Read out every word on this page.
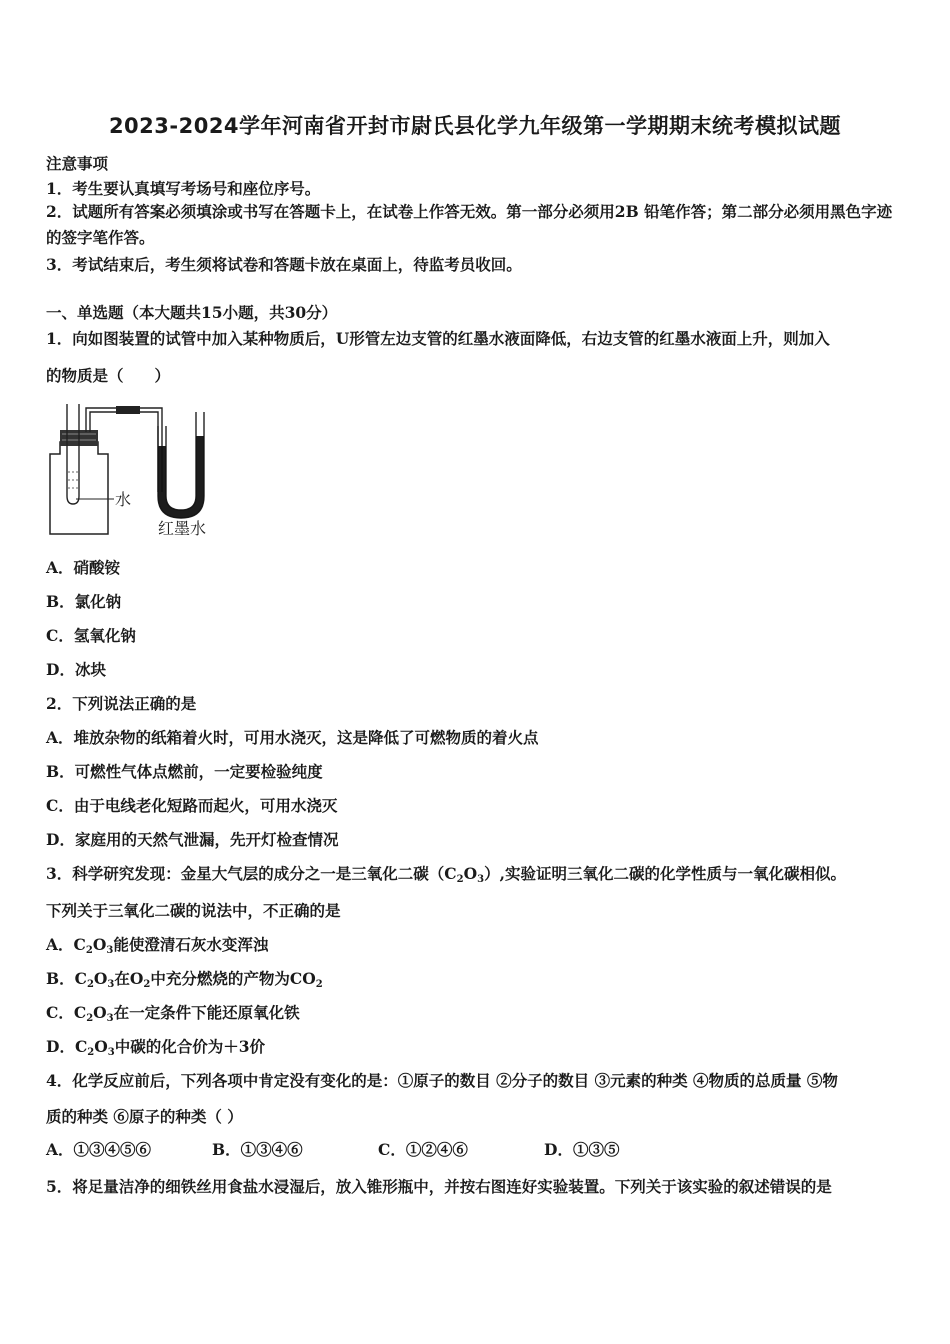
2023-2024学年河南省开封市尉氏县化学九年级第一学期期末统考模拟试题
注意事项
1．考生要认真填写考场号和座位序号。
2．试题所有答案必须填涂或书写在答题卡上，在试卷上作答无效。第一部分必须用2B 铅笔作答；第二部分必须用黑色字迹的签字笔作答。
3．考试结束后，考生须将试卷和答题卡放在桌面上，待监考员收回。
一、单选题（本大题共15小题，共30分）
1．向如图装置的试管中加入某种物质后，U形管左边支管的红墨水液面降低，右边支管的红墨水液面上升，则加入
的物质是（　　）
水
红墨水
A．硝酸铵
B．氯化钠
C．氢氧化钠
D．冰块
2．下列说法正确的是
A．堆放杂物的纸箱着火时，可用水浇灭，这是降低了可燃物质的着火点
B．可燃性气体点燃前，一定要检验纯度
C．由于电线老化短路而起火，可用水浇灭
D．家庭用的天然气泄漏，先开灯检查情况
3．科学研究发现：金星大气层的成分之一是三氧化二碳$(C_2O_3)$,实验证明三氧化二碳的化学性质与一氧化碳相似。
下列关于三氧化二碳的说法中，不正确的是
A．$C_2O_3$能使澄清石灰水变浑浊
B．$C_2O_3$在$O_2$中充分燃烧的产物为$CO_2$
C．$C_2O_3$在一定条件下能还原氧化铁
D．$C_2O_3$中碳的化合价为＋3价
4．化学反应前后，下列各项中肯定没有变化的是：①原子的数目 ②分子的数目 ③元素的种类 ④物质的总质量 ⑤物
质的种类 ⑥原子的种类（ ）
A．①③④⑤⑥	B．①③④⑥	C．①②④⑥	D．①③⑤
5．将足量洁净的细铁丝用食盐水浸湿后，放入锥形瓶中，并按右图连好实验装置。下列关于该实验的叙述错误的是
